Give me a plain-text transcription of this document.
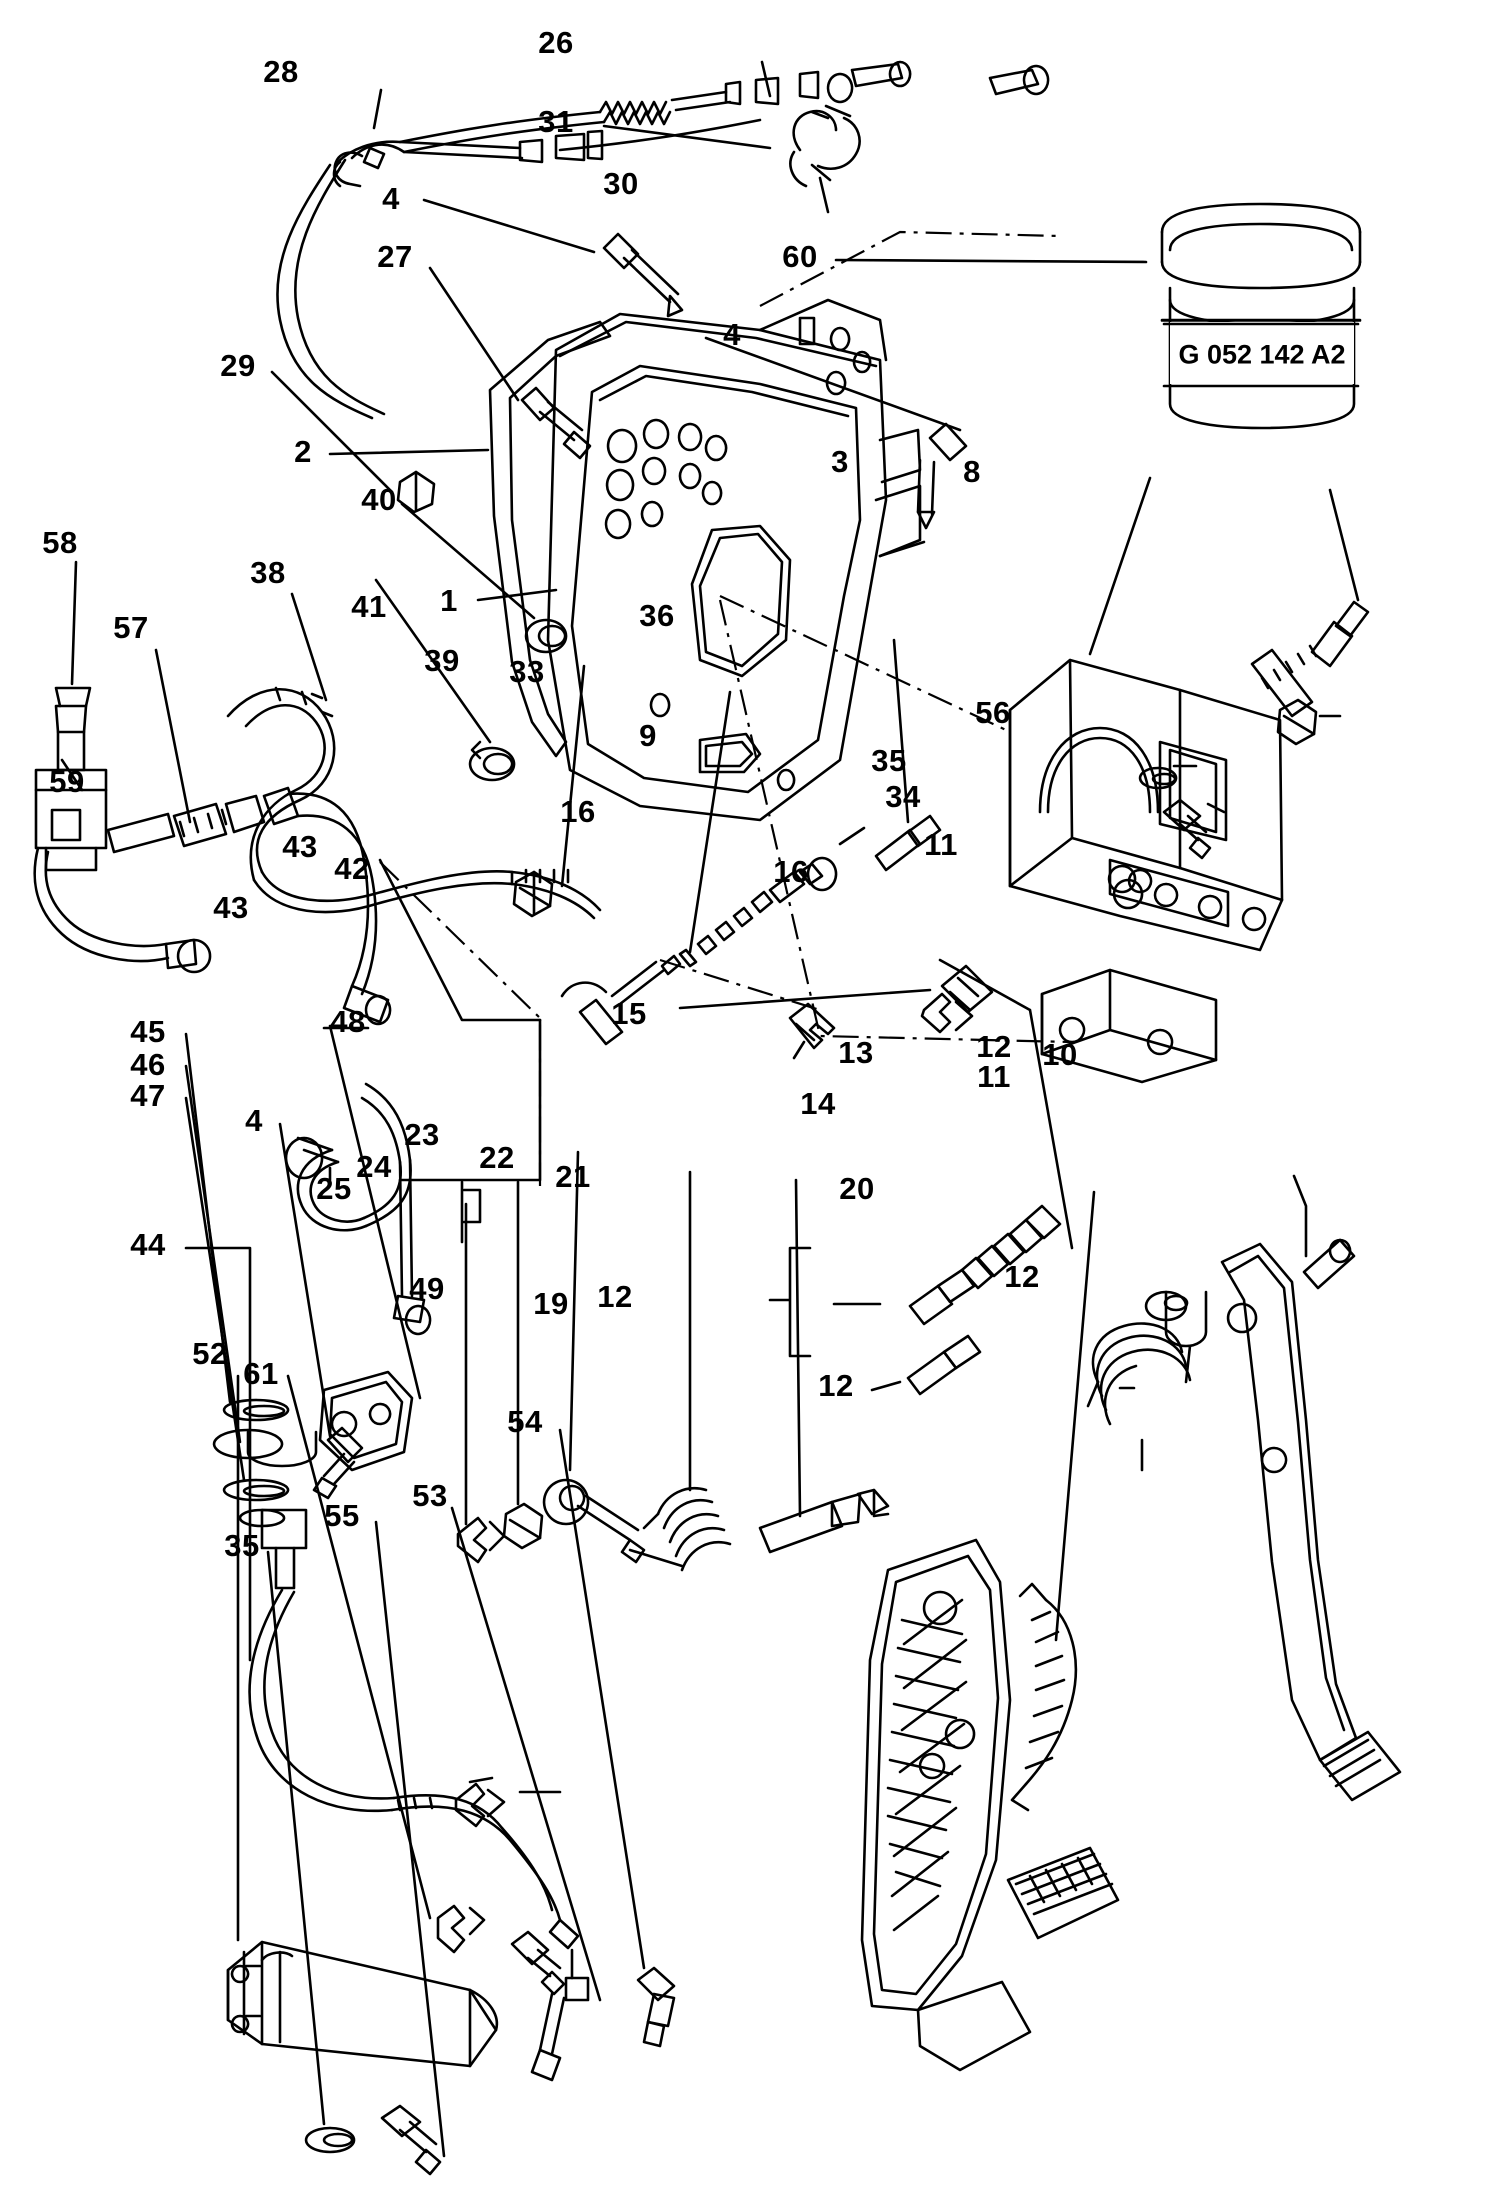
G 052 142 A2
26
28
31
30
4
60
27
4
29
2	3	8
40
58
38
41 1	36
57
39 33
56
9
35
59
16	34
11
43
42	16
43
15
13	12 10
45	48
46	11
14
47
4	23
22
21
24
25	20
44
12
19 12
49
52
61	12
54
53
55
35
